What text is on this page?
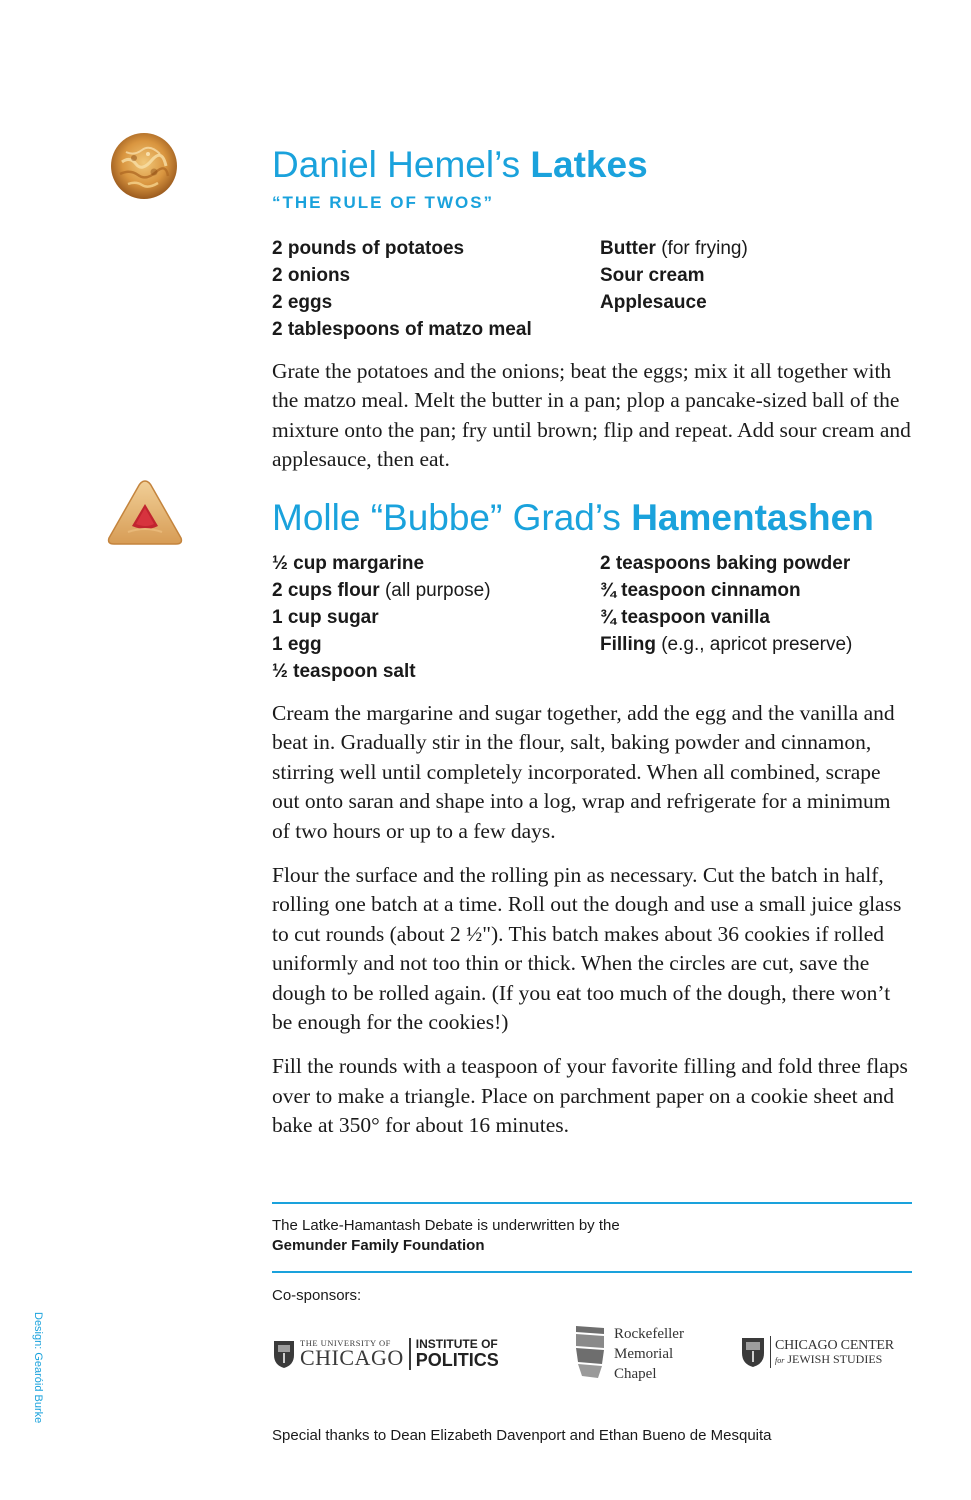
Daniel Hemel’s Latkes
“THE RULE OF TWOS”
2 pounds of potatoes
2 onions
2 eggs
2 tablespoons of matzo meal
Butter (for frying)
Sour cream
Applesauce

Grate the potatoes and the onions; beat the eggs; mix it all together with the matzo meal. Melt the butter in a pan; plop a pancake-sized ball of the mixture onto the pan; fry until brown; flip and repeat. Add sour cream and applesauce, then eat.

Molle “Bubbe” Grad’s Hamentashen
½ cup margarine
2 cups flour (all purpose)
1 cup sugar
1 egg
½ teaspoon salt
2 teaspoons baking powder
¾ teaspoon cinnamon
¾ teaspoon vanilla
Filling (e.g., apricot preserve)

Cream the margarine and sugar together, add the egg and the vanilla and beat in. Gradually stir in the flour, salt, baking powder and cinnamon, stirring well until completely incorporated. When all combined, scrape out onto saran and shape into a log, wrap and refrigerate for a minimum of two hours or up to a few days.

Flour the surface and the rolling pin as necessary. Cut the batch in half, rolling one batch at a time. Roll out the dough and use a small juice glass to cut rounds (about 2 ½"). This batch makes about 36 cookies if rolled uniformly and not too thin or thick. When the circles are cut, save the dough to be rolled again. (If you eat too much of the dough, there won’t be enough for the cookies!)

Fill the rounds with a teaspoon of your favorite filling and fold three flaps over to make a triangle. Place on parchment paper on a cookie sheet and bake at 350° for about 16 minutes.

The Latke-Hamantash Debate is underwritten by the
Gemunder Family Foundation
Co-sponsors:
THE UNIVERSITY OF
CHICAGO
INSTITUTE OF
POLITICS
Rockefeller
Memorial
Chapel
CHICAGO CENTER
for JEWISH STUDIES
Special thanks to Dean Elizabeth Davenport and Ethan Bueno de Mesquita
Design: Gearóid Burke
